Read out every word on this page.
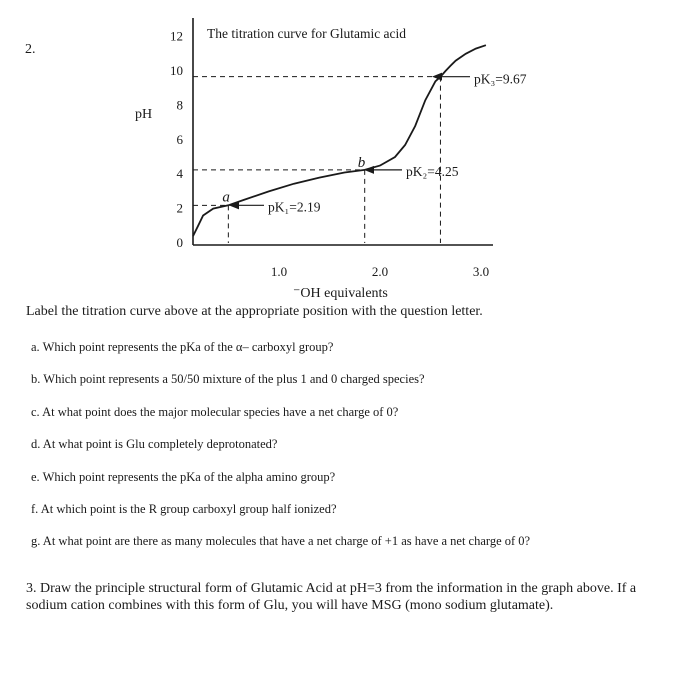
2.
0
2
4
6
8
10
12
1.0	2.0	3.0
pK₁=2.19
pK₂=4.25
pK₃=9.67
a
b
The titration curve for Glutamic acid
pH
⁻OH equivalents
Label the titration curve above at the appropriate position with the question letter.
a. Which point represents the pKa of the α– carboxyl group?
b. Which point represents a 50/50 mixture of the plus 1 and 0 charged species?
c. At what point does the major molecular species have a net charge of 0?
d. At what point is Glu completely deprotonated?
e. Which point represents the pKa of the alpha amino group?
f. At which point is the R group carboxyl group half ionized?
g. At what point are there as many molecules that have a net charge of +1 as have a net charge of 0?
3. Draw the principle structural form of Glutamic Acid at pH=3 from the information in the graph above. If a sodium cation combines with this form of Glu, you will have MSG (mono sodium glutamate).
